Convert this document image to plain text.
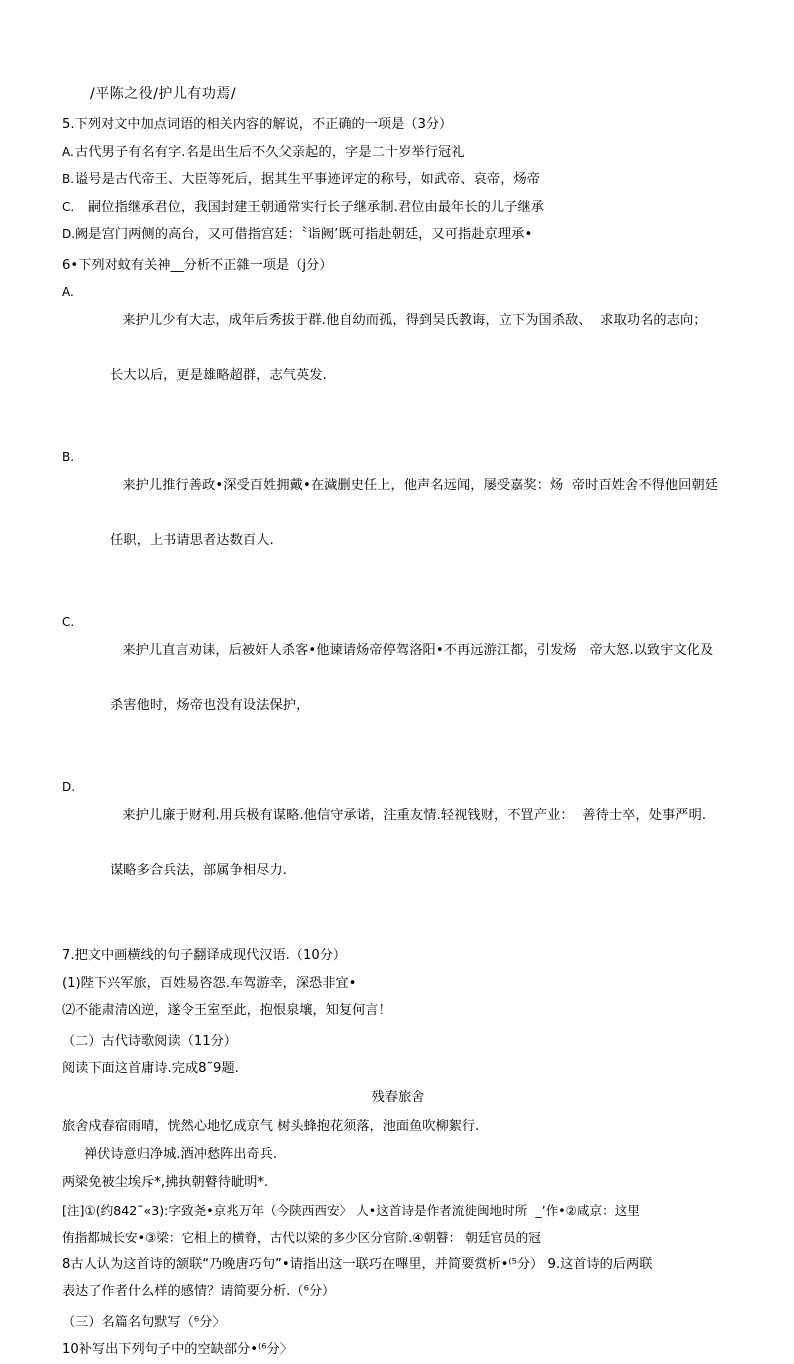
/平陈之役/护儿有功焉/
5.下列对文中加点词语的相关内容的解说，不正确的一项是（3分）
A. 古代男子有名有字.名是出生后不久父亲起的，字是二十岁举行冠礼
B. 谥号是古代帝王、大臣等死后，据其生平事迹评定的称号，如武帝、哀帝，炀帝
C.	嗣位指继承君位，我国封建王朝通常实行长子继承制.君位由最年长的儿子继承
D. 阙是宫门两侧的高台，又可借指宫廷：〝诣阙’既可指赴朝廷，又可指赴京理承•
6•下列对蚊有关神__分析不正雜一项是（j分）
A.

来护儿少有大志，成年后秀拔于群.他自幼而孤，得到吴氏教诲，立下为国杀敌、  求取功名的志向；

长大以后，更是雄略超群，志气英发.

B.

来护儿推行善政•深受百姓拥戴•在濊删史任上，他声名远闻，屡受嘉奖：炀  帝时百姓舍不得他回朝廷

任职，上书请思者达数百人.

C.

来护儿直言劝诔，后被奸人杀客•他谏请炀帝停驾洛阳•不再远游江都，引发炀   帝大怒.以致宇文化及

杀害他时，炀帝也没有设法保护，

D.

来护儿廉于财利.用兵极有谋略.他信守承诺，注重友情.轻视钱财，不罝产业：  善待士卒，处事严明.

谋略多合兵法，部属争相尽力.

7.把文中画横线的句子翻译成现代汉语.（10分）
(1)陛下兴军旅，百姓易咨怨.车驾游幸，深恐非宜•
⑵不能肃清凶逆，遂令王室至此，抱恨泉壤，知复何言！
（二）古代诗歌阅读（11分）
阅读下面这首庸诗.完成8˜9题.
残春旅舍
旅舍戍春宿雨晴，恍然心地忆成京气 树头蜂抱花须落，池面鱼吹柳絮行.
禅伏诗意归净城.酒冲愁阵出奇兵.
两梁免被尘埃斥*,拂执朝瞽待眦明*.
[注]①(约842˜«3):字致尧•京兆万年（今陕西西安〉 人•这首诗是作者流徙闽地时所  _’作•②咸京：这里
侑指都城长安•③梁：它相上的横脊，古代以梁的多少区分官阶.④朝瞽： 朝廷官员的冠
8古人认为这首诗的颔联“乃晚唐巧句”•请指出这一联巧在嗶里，并简要赏析•⁽⁵分） 9.这首诗的后两联
表达了作者什么样的感情？请简要分析.（⁶分）
（三）名篇名句默写（⁶分〉
10补写出下列句子中的空缺部分•⁽⁶分〉
